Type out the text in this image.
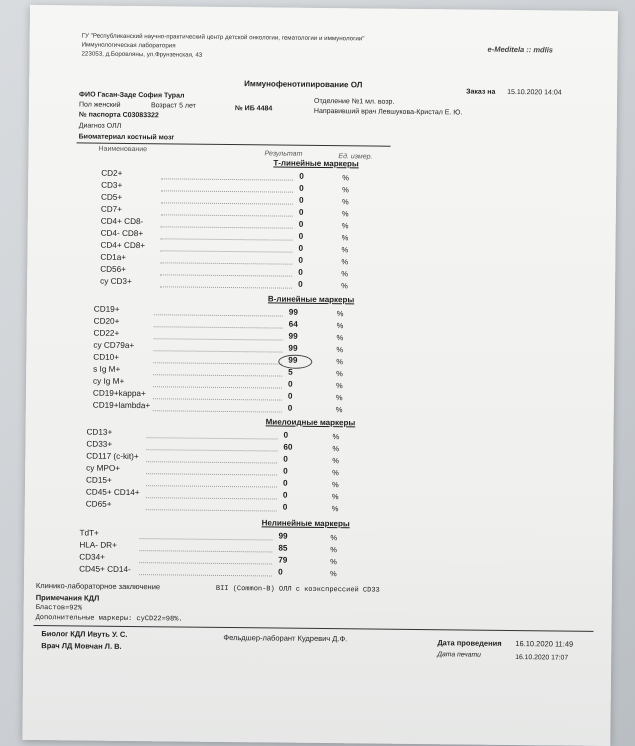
ГУ "Республиканский научно-практический центр детской онкологии, гематологии и иммунологии"
Иммунологическая лаборатория
223053, д.Боровляны, ул.Фрунзенская, 43
e-Meditela :: mdlis
Иммунофенотипирование ОЛ
Заказ на 15.10.2020 14:04
ФИО Гасан-Заде София Турал
Пол женский	Возраст 5 лет	№ ИБ 4484
№ паспорта С03083322
Диагноз ОЛЛ
Отделение №1 мл. возр.
Направивший врач Левшукова-Кристал Е. Ю.
Биоматериал костный мозг
Наименование
Результат	Ед. измер.
Т-линейные маркеры
CD2+	0	%
CD3+	0	%
CD5+	0	%
CD7+	0	%
CD4+ CD8-	0	%
CD4- CD8+	0	%
CD4+ CD8+	0	%
CD1a+	0	%
CD56+	0	%
cy CD3+	0	%
В-линейные маркеры
CD19+	99	%
CD20+	64	%
CD22+	99	%
cy CD79a+	99	%
CD10+	99	%
s Ig M+	5	%
cy Ig M+	0	%
CD19+kappa+	0	%
CD19+lambda+	0	%
Миелоидные маркеры
CD13+	0	%
CD33+	60	%
CD117 (c-kit)+	0	%
cy MPO+	0	%
CD15+	0	%
CD45+ CD14+	0	%
CD65+	0	%
Нелинейные маркеры
TdT+	99	%
HLA- DR+	85	%
CD34+	79	%
CD45+ CD14-	0	%
Клинико-лабораторное заключение	BII (Common-B) ОЛЛ с коэкспрессией CD33
Примечания КДЛ
Бластов=92%
Дополнительные маркеры: cyCD22=98%.
Биолог КДЛ Ивуть У. С.
Врач ЛД Мовчан Л. В.
Фельдшер-лаборант Кудревич Д.Ф.	Дата проведения 16.10.2020 11:49
Дата печати	16.10.2020 17:07
